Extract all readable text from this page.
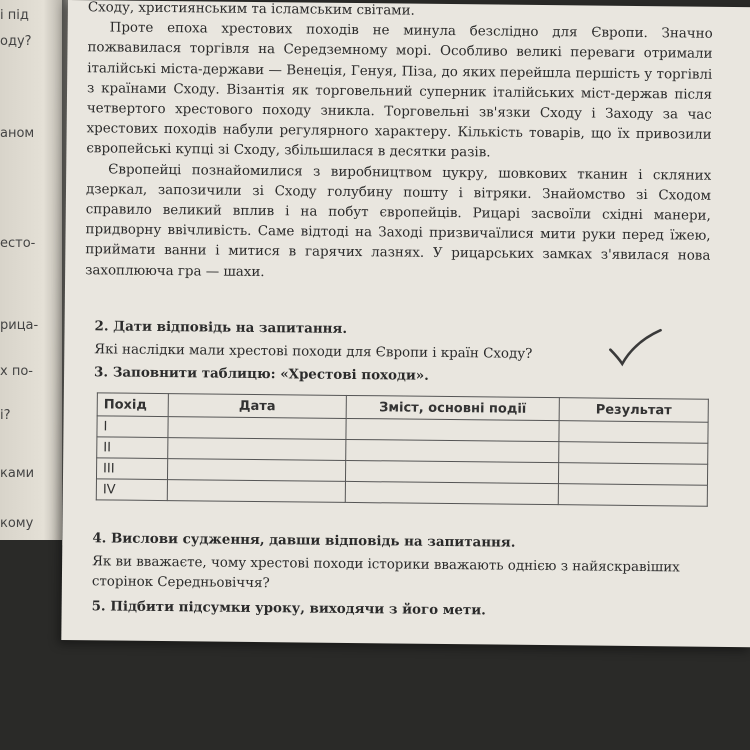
і під
оду?
аном
есто-
рица-
х по-
і?
ками
кому

Сходу, християнським та ісламським світами.

Проте епоха хрестових походів не минула безслідно для Європи. Значно пожвавилася торгівля на Середземному морі. Особливо великі переваги отримали італійські міста-держави — Венеція, Генуя, Піза, до яких перейшла першість у торгівлі з країнами Сходу. Візантія як торговельний суперник італійських міст-держав після четвертого хрестового походу зникла. Торговельні зв'язки Сходу і Заходу за час хрестових походів набули регулярного характеру. Кількість товарів, що їх привозили європейські купці зі Сходу, збільшилася в десятки разів.

Європейці познайомилися з виробництвом цукру, шовкових тканин і скляних дзеркал, запозичили зі Сходу голубину пошту і вітряки. Знайомство зі Сходом справило великий вплив і на побут європейців. Рицарі засвоїли східні манери, придворну ввічливість. Саме відтоді на Заході призвичаїлися мити руки перед їжею, приймати ванни і митися в гарячих лазнях. У рицарських замках з'явилася нова захоплююча гра — шахи.

2. Дати відповідь на запитання.
Які наслідки мали хрестові походи для Європи і країн Сходу?
3. Заповнити таблицю: «Хрестові походи».
Похід	Дата	Зміст, основні події	Результат
I			
II			
III			
IV			
4. Вислови судження, давши відповідь на запитання.
Як ви вважаєте, чому хрестові походи історики вважають однією з найяскравіших сторінок Середньовіччя?
5. Підбити підсумки уроку, виходячи з його мети.
